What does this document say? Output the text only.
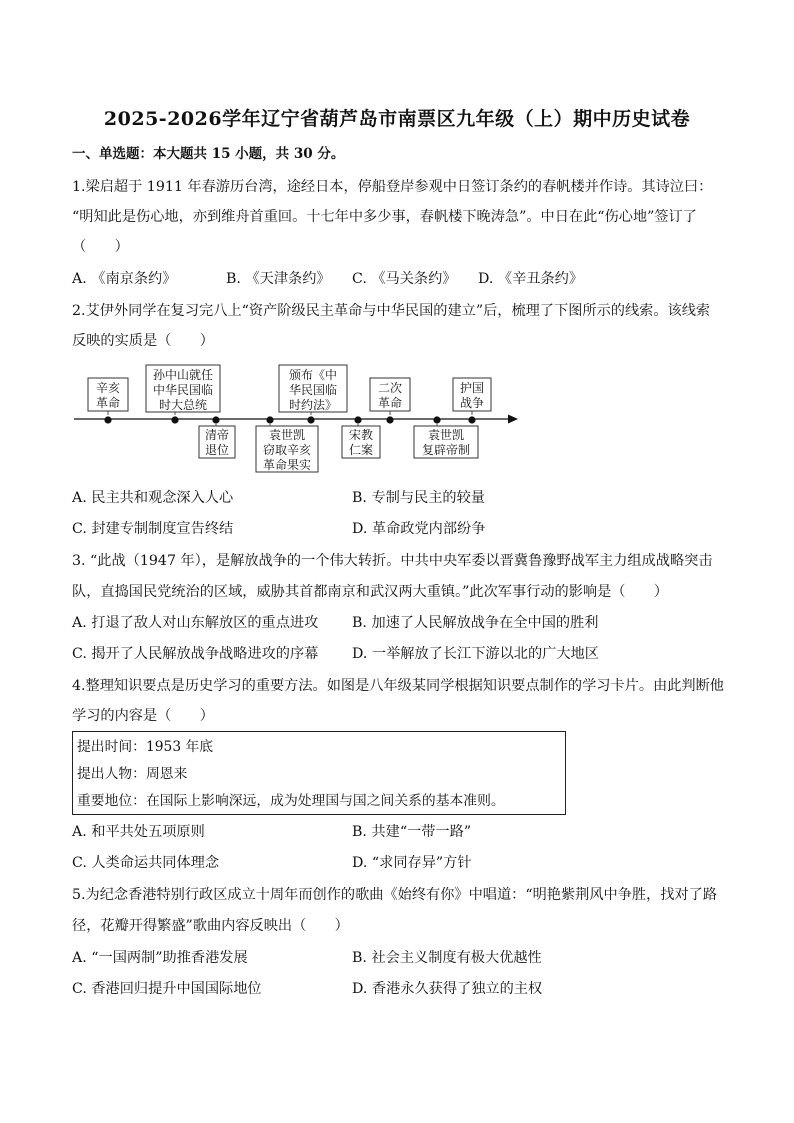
2025-2026学年辽宁省葫芦岛市南票区九年级（上）期中历史试卷
一、单选题：本大题共 15 小题，共 30 分。
1.梁启超于 1911 年春游历台湾，途经日本，停船登岸参观中日签订条约的春帆楼并作诗。其诗泣曰：
“明知此是伤心地，亦到维舟首重回。十七年中多少事，春帆楼下晚涛急”。中日在此“伤心地”签订了
（　　）
A. 《南京条约》	B. 《天津条约》 C. 《马关条约》 D. 《辛丑条约》
2.艾伊外同学在复习完八上“资产阶级民主革命与中华民国的建立”后，梳理了下图所示的线索。该线索
反映的实质是（　　）
辛亥
革命
孙中山就任
中华民国临
时大总统
颁布《中
华民国临
时约法》
二次
革命
护国
战争
清帝
退位
袁世凯
窃取辛亥
革命果实
宋教
仁案
袁世凯
复辟帝制
A. 民主共和观念深入人心	B. 专制与民主的较量
C. 封建专制制度宣告终结	D. 革命政党内部纷争
3. “此战（1947 年），是解放战争的一个伟大转折。中共中央军委以晋冀鲁豫野战军主力组成战略突击
队，直捣国民党统治的区域，威胁其首都南京和武汉两大重镇。”此次军事行动的影响是（　　）
A. 打退了敌人对山东解放区的重点进攻 B. 加速了人民解放战争在全中国的胜利
C. 揭开了人民解放战争战略进攻的序幕 D. 一举解放了长江下游以北的广大地区
4.整理知识要点是历史学习的重要方法。如图是八年级某同学根据知识要点制作的学习卡片。由此判断他
学习的内容是（　　）
提出时间：1953 年底
提出人物：周恩来
重要地位：在国际上影响深远，成为处理国与国之间关系的基本准则。
A. 和平共处五项原则	B. 共建“一带一路”
C. 人类命运共同体理念	D. “求同存异”方针
5.为纪念香港特别行政区成立十周年而创作的歌曲《始终有你》中唱道：“明艳紫荆风中争胜，找对了路
径，花瓣开得繁盛”歌曲内容反映出（　　）
A. “一国两制”助推香港发展	B. 社会主义制度有极大优越性
C. 香港回归提升中国国际地位	D. 香港永久获得了独立的主权
